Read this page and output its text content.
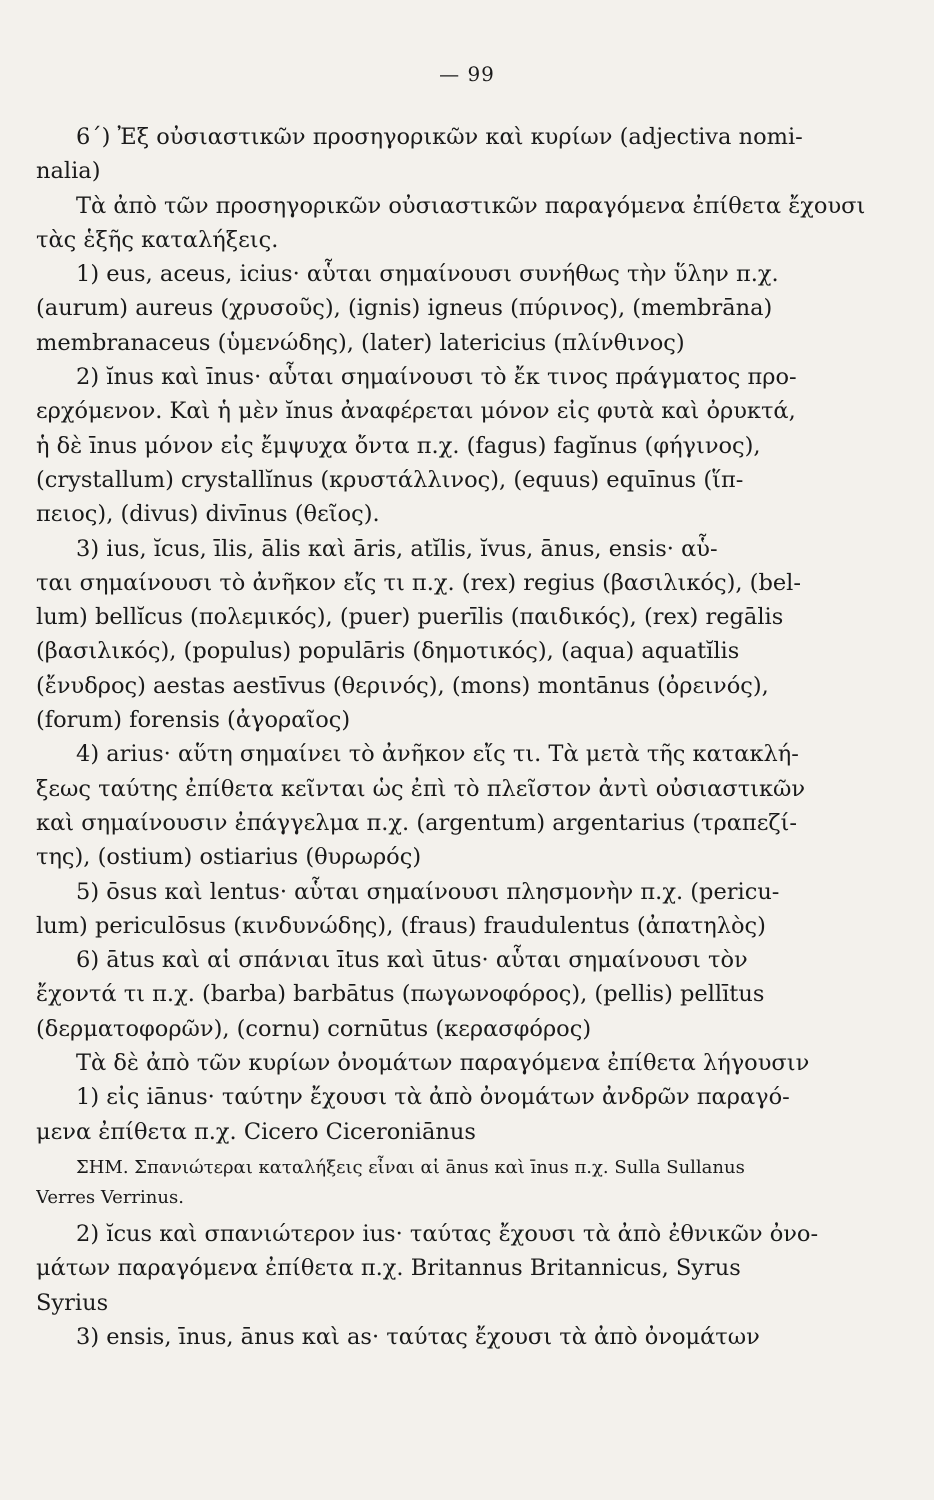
— 99
6΄) Ἐξ οὐσιαστικῶν προσηγορικῶν καὶ κυρίων (adjectiva nomi-
nalia)
Τὰ ἀπὸ τῶν προσηγορικῶν οὐσιαστικῶν παραγόμενα ἐπίθετα ἔχουσι
τὰς ἑξῆς καταλήξεις.
1) eus, aceus, icius· αὗται σημαίνουσι συνήθως τὴν ὕλην π.χ.
(aurum) aureus (χρυσοῦς), (ignis) igneus (πύρινος), (membrāna)
membranaceus (ὑμενώδης), (later) latericius (πλίνθινος)
2) ĭnus καὶ īnus· αὗται σημαίνουσι τὸ ἔκ τινος πράγματος προ-
ερχόμενον. Καὶ ἡ μὲν ĭnus ἀναφέρεται μόνον εἰς φυτὰ καὶ ὀρυκτά,
ἡ δὲ īnus μόνον εἰς ἔμψυχα ὄντα π.χ. (fagus) fagĭnus (φήγινος),
(crystallum) crystallĭnus (κρυστάλλινος), (equus) equīnus (ἵπ-
πειος), (divus) divīnus (θεῖος).
3) ius, ĭcus, īlis, ālis καὶ āris, atĭlis, ĭvus, ānus, ensis· αὗ-
ται σημαίνουσι τὸ ἀνῆκον εἴς τι π.χ. (rex) regius (βασιλικός), (bel-
lum) bellĭcus (πολεμικός), (puer) puerīlis (παιδικός), (rex) regālis
(βασιλικός), (populus) populāris (δημοτικός), (aqua) aquatĭlis
(ἔνυδρος) aestas aestīvus (θερινός), (mons) montānus (ὀρεινός),
(forum) forensis (ἀγοραῖος)
4) arius· αὕτη σημαίνει τὸ ἀνῆκον εἴς τι. Τὰ μετὰ τῆς κατακλή-
ξεως ταύτης ἐπίθετα κεῖνται ὡς ἐπὶ τὸ πλεῖστον ἀντὶ οὐσιαστικῶν
καὶ σημαίνουσιν ἐπάγγελμα π.χ. (argentum) argentarius (τραπεζί-
της), (ostium) ostiarius (θυρωρός)
5) ōsus καὶ lentus· αὗται σημαίνουσι πλησμονὴν π.χ. (pericu-
lum) periculōsus (κινδυνώδης), (fraus) fraudulentus (ἀπατηλὸς)
6) ātus καὶ αἱ σπάνιαι ītus καὶ ūtus· αὗται σημαίνουσι τὸν
ἔχοντά τι π.χ. (barba) barbātus (πωγωνοφόρος), (pellis) pellītus
(δερματοφορῶν), (cornu) cornūtus (κερασφόρος)
Τὰ δὲ ἀπὸ τῶν κυρίων ὀνομάτων παραγόμενα ἐπίθετα λήγουσιν
1) εἰς iānus· ταύτην ἔχουσι τὰ ἀπὸ ὀνομάτων ἀνδρῶν παραγό-
μενα ἐπίθετα π.χ. Cicero Ciceroniānus
ΣΗΜ. Σπανιώτεραι καταλήξεις εἶναι αἱ ānus καὶ īnus π.χ. Sulla Sullanus
Verres Verrinus.
2) ĭcus καὶ σπανιώτερον ius· ταύτας ἔχουσι τὰ ἀπὸ ἐθνικῶν ὀνο-
μάτων παραγόμενα ἐπίθετα π.χ. Britannus Britannicus, Syrus
Syrius
3) ensis, īnus, ānus καὶ as· ταύτας ἔχουσι τὰ ἀπὸ ὀνομάτων
